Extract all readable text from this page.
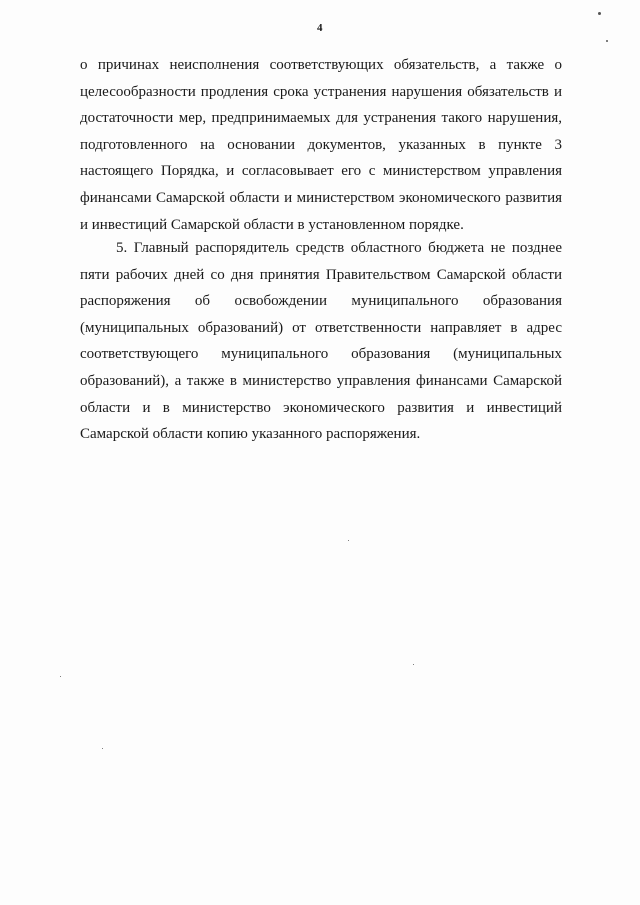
4
о причинах неисполнения соответствующих обязательств, а также о
целесообразности продления срока устранения нарушения обязательств и
достаточности мер, предпринимаемых для устранения такого нарушения,
подготовленного на основании документов, указанных в пункте 3
настоящего Порядка, и согласовывает его с министерством управления
финансами Самарской области и министерством экономического развития
и инвестиций Самарской области в установленном порядке.
5. Главный распорядитель средств областного бюджета не позднее
пяти рабочих дней со дня принятия Правительством Самарской области
распоряжения об освобождении муниципального образования
(муниципальных образований) от ответственности направляет в адрес
соответствующего муниципального образования (муниципальных
образований), а также в министерство управления финансами Самарской
области и в министерство экономического развития и инвестиций
Самарской области копию указанного распоряжения.
